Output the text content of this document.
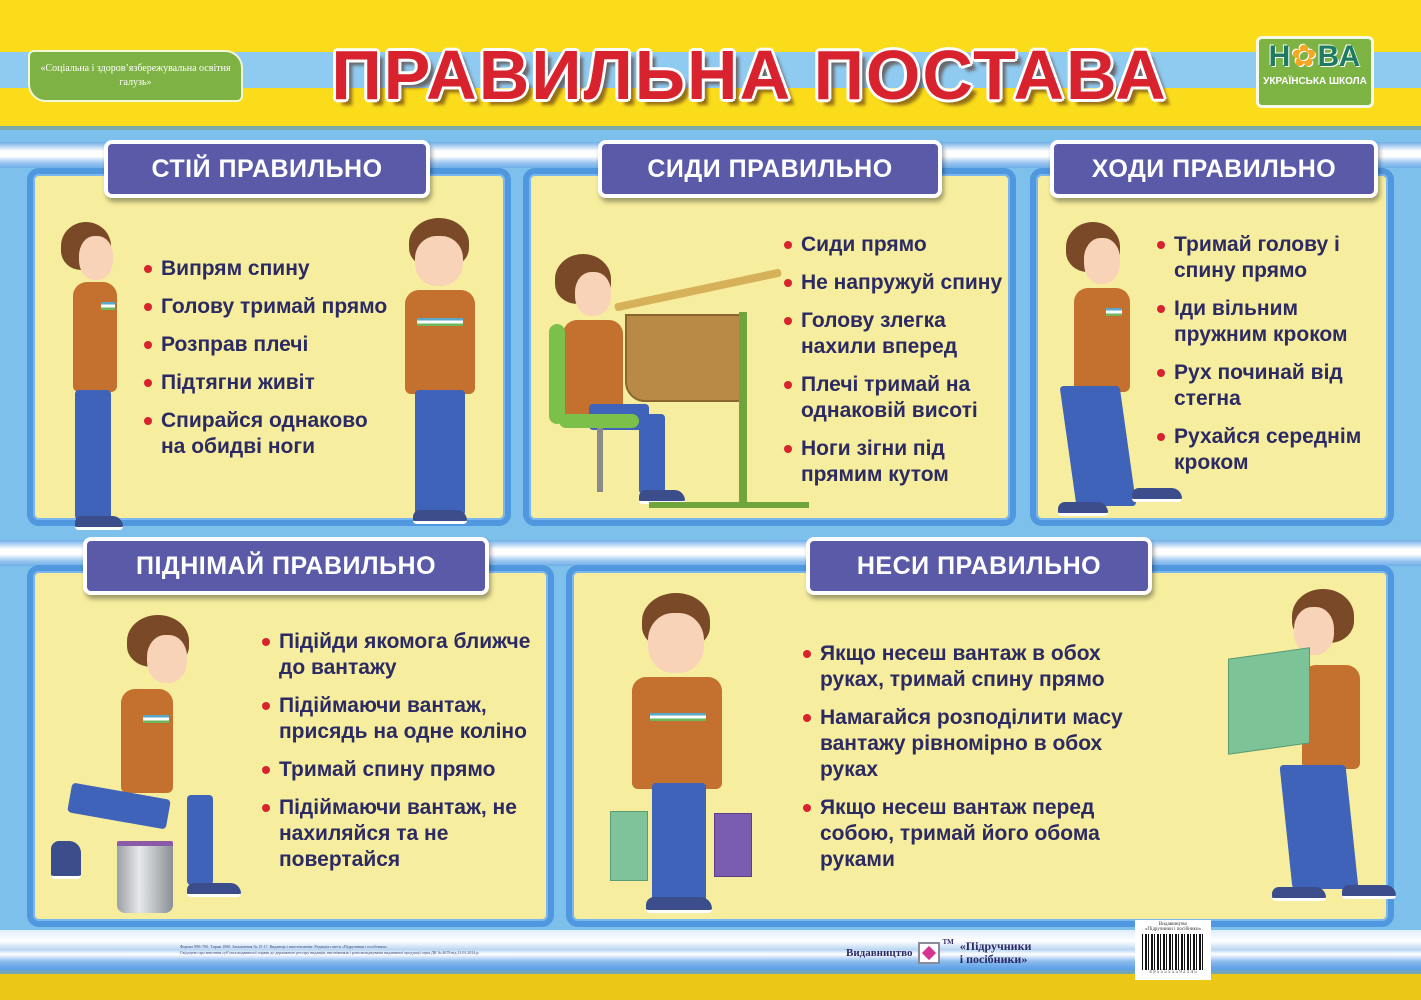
«Соціальна і здоров’язбережувальна освітня галузь»	ПРАВИЛЬНА ПОСТАВА	Н✿ВА
УКРАЇНСЬКА ШКОЛА
Випрям спину
Голову тримай прямо
Розправ плечі
Підтягни живіт
Спирайся однаково на обидві ноги
СТІЙ ПРАВИЛЬНО
Сиди прямо
Не напружуй спину
Голову злегка нахили вперед
Плечі тримай на однаковій висоті
Ноги зігни під прямим кутом
СИДИ ПРАВИЛЬНО
Тримай голову і спину прямо
Іди вільним пружним кроком
Рух починай від стегна
Рухайся середнім кроком
ХОДИ ПРАВИЛЬНО
Підійди якомога ближче до вантажу
Підіймаючи вантаж, присядь на одне коліно
Тримай спину прямо
Підіймаючи вантаж, не нахиляйся та не повертайся
ПІДНІМАЙ ПРАВИЛЬНО
Якщо несеш вантаж в обох руках, тримай спину прямо
Намагайся розподілити масу вантажу рівномірно в обох руках
Якщо несеш вантаж перед собою, тримай його обома руками
НЕСИ ПРАВИЛЬНО
Формат 990×700. Тираж 1000. Замовлення № 15-17. Видавець і виготовлювач: Редакція газети «Підручники і посібники».
Свідоцтво про внесення суб’єкта видавничої справи до державного реєстру видавців, виготівників і розповсюджувачів видавничої продукції серія ДК № 4678 від 21.01.2014 р.	Видавництво
TM «Підручники
і посібники»
Видавництво
«Підручники і посібники»
4 9 5 5 5 5 5 5 9 2 1 4 5
